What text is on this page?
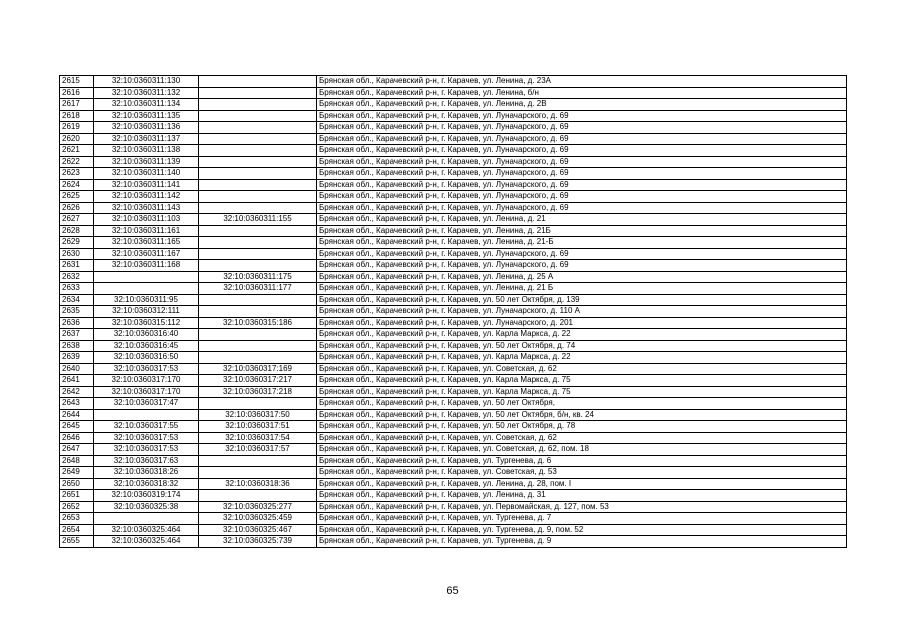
2615	32:10:0360311:130		Брянская обл., Карачевский р-н, г. Карачев, ул. Ленина, д. 23А
2616	32:10:0360311:132		Брянская обл., Карачевский р-н, г. Карачев, ул. Ленина, б/н
2617	32:10:0360311:134		Брянская обл., Карачевский р-н, г. Карачев, ул. Ленина, д. 2В
2618	32:10:0360311:135		Брянская обл., Карачевский р-н, г. Карачев, ул. Луначарского, д. 69
2619	32:10:0360311:136		Брянская обл., Карачевский р-н, г. Карачев, ул. Луначарского, д. 69
2620	32:10:0360311:137		Брянская обл., Карачевский р-н, г. Карачев, ул. Луначарского, д. 69
2621	32:10:0360311:138		Брянская обл., Карачевский р-н, г. Карачев, ул. Луначарского, д. 69
2622	32:10:0360311:139		Брянская обл., Карачевский р-н, г. Карачев, ул. Луначарского, д. 69
2623	32:10:0360311:140		Брянская обл., Карачевский р-н, г. Карачев, ул. Луначарского, д. 69
2624	32:10:0360311:141		Брянская обл., Карачевский р-н, г. Карачев, ул. Луначарского, д. 69
2625	32:10:0360311:142		Брянская обл., Карачевский р-н, г. Карачев, ул. Луначарского, д. 69
2626	32:10:0360311:143		Брянская обл., Карачевский р-н, г. Карачев, ул. Луначарского, д. 69
2627	32:10:0360311:103	32:10:0360311:155	Брянская обл., Карачевский р-н, г. Карачев, ул. Ленина, д. 21
2628	32:10:0360311:161		Брянская обл., Карачевский р-н, г. Карачев, ул. Ленина, д. 21Б
2629	32:10:0360311:165		Брянская обл., Карачевский р-н, г. Карачев, ул. Ленина, д. 21-Б
2630	32:10:0360311:167		Брянская обл., Карачевский р-н, г. Карачев, ул. Луначарского, д. 69
2631	32:10:0360311:168		Брянская обл., Карачевский р-н, г. Карачев, ул. Луначарского, д. 69
2632		32:10:0360311:175	Брянская обл., Карачевский р-н, г. Карачев, ул. Ленина, д. 25 А
2633		32:10:0360311:177	Брянская обл., Карачевский р-н, г. Карачев, ул. Ленина, д. 21 Б
2634	32:10:0360311:95		Брянская обл., Карачевский р-н, г. Карачев, ул. 50 лет Октября, д. 139
2635	32:10:0360312:111		Брянская обл., Карачевский р-н, г. Карачев, ул. Луначарского, д. 110 А
2636	32:10:0360315:112	32:10:0360315:186	Брянская обл., Карачевский р-н, г. Карачев, ул. Луначарского, д. 201
2637	32:10:0360316:40		Брянская обл., Карачевский р-н, г. Карачев, ул. Карла Маркса, д. 22
2638	32:10:0360316:45		Брянская обл., Карачевский р-н, г. Карачев, ул. 50 лет Октября, д. 74
2639	32:10:0360316:50		Брянская обл., Карачевский р-н, г. Карачев, ул. Карла Маркса, д. 22
2640	32:10:0360317:53	32:10:0360317:169	Брянская обл., Карачевский р-н, г. Карачев, ул. Советская, д. 62
2641	32:10:0360317:170	32:10:0360317:217	Брянская обл., Карачевский р-н, г. Карачев, ул. Карла Маркса, д. 75
2642	32:10:0360317:170	32:10:0360317:218	Брянская обл., Карачевский р-н, г. Карачев, ул. Карла Маркса, д. 75
2643	32:10:0360317:47		Брянская обл., Карачевский р-н, г. Карачев, ул. 50 лет Октября,
2644		32:10:0360317:50	Брянская обл., Карачевский р-н, г. Карачев, ул. 50 лет Октября, б/н, кв. 24
2645	32:10:0360317:55	32:10:0360317:51	Брянская обл., Карачевский р-н, г. Карачев, ул. 50 лет Октября, д. 78
2646	32:10:0360317:53	32:10:0360317:54	Брянская обл., Карачевский р-н, г. Карачев, ул. Советская, д. 62
2647	32:10:0360317:53	32:10:0360317:57	Брянская обл., Карачевский р-н, г. Карачев, ул. Советская, д. 62, пом. 18
2648	32:10:0360317:63		Брянская обл., Карачевский р-н, г. Карачев, ул. Тургенева, д. 6
2649	32:10:0360318:26		Брянская обл., Карачевский р-н, г. Карачев, ул. Советская, д. 53
2650	32:10:0360318:32	32:10:0360318:36	Брянская обл., Карачевский р-н, г. Карачев, ул. Ленина, д. 28, пом. I
2651	32:10:0360319:174		Брянская обл., Карачевский р-н, г. Карачев, ул. Ленина, д. 31
2652	32:10:0360325:38	32:10:0360325:277	Брянская обл., Карачевский р-н, г. Карачев, ул. Первомайская, д. 127, пом. 53
2653		32:10:0360325:459	Брянская обл., Карачевский р-н, г. Карачев, ул. Тургенева, д. 7
2654	32:10:0360325:464	32:10:0360325:467	Брянская обл., Карачевский р-н, г. Карачев, ул. Тургенева, д. 9, пом. 52
2655	32:10:0360325:464	32:10:0360325:739	Брянская обл., Карачевский р-н, г. Карачев, ул. Тургенева, д. 9
65
